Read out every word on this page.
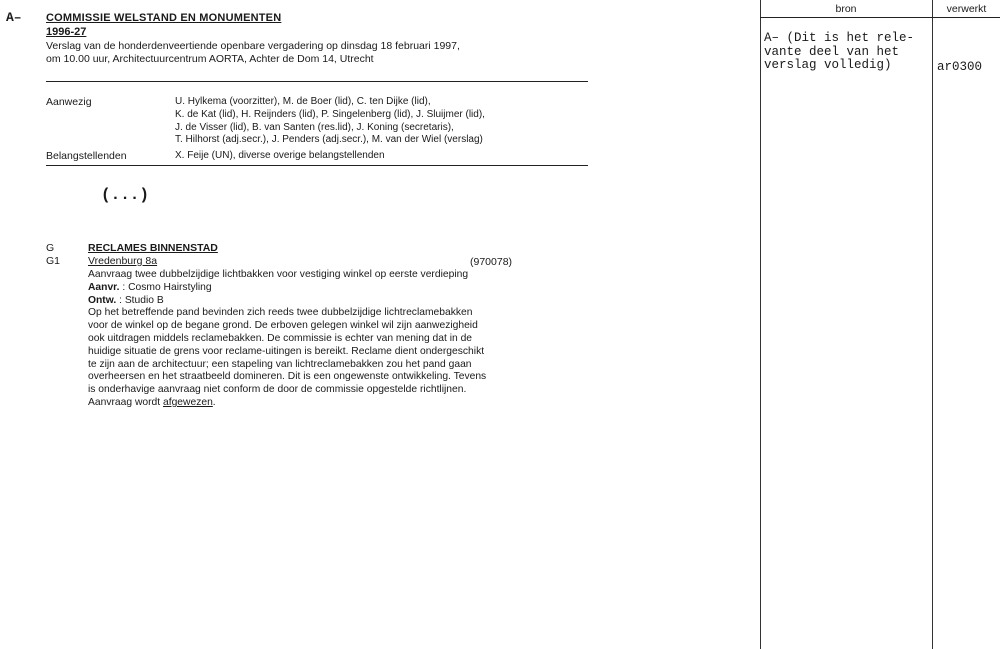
A– COMMISSIE WELSTAND EN MONUMENTEN
1996-27
Verslag van de honderdenveertiende openbare vergadering op dinsdag 18 februari 1997,
om 10.00 uur, Architectuurcentrum AORTA, Achter de Dom 14, Utrecht
Aanwezig	U. Hylkema (voorzitter), M. de Boer (lid), C. ten Dijke (lid),
K. de Kat (lid), H. Reijnders (lid), P. Singelenberg (lid), J. Sluijmer (lid),
J. de Visser (lid), B. van Santen (res.lid), J. Koning (secretaris),
T. Hilhorst (adj.secr.), J. Penders (adj.secr.), M. van der Wiel (verslag)
Belangstellenden	X. Feije (UN), diverse overige belangstellenden
(...)
G	RECLAMES BINNENSTAD
G1	Vredenburg 8a	(970078)
Aanvraag twee dubbelzijdige lichtbakken voor vestiging winkel op eerste verdieping
Aanvr. : Cosmo Hairstyling
Ontw. : Studio B
Op het betreffende pand bevinden zich reeds twee dubbelzijdige lichtreclamebakken
voor de winkel op de begane grond. De erboven gelegen winkel wil zijn aanwezigheid
ook uitdragen middels reclamebakken. De commissie is echter van mening dat in de
huidige situatie de grens voor reclame-uitingen is bereikt. Reclame dient ondergeschikt
te zijn aan de architectuur; een stapeling van lichtreclamebakken zou het pand gaan
overheersen en het straatbeeld domineren. Dit is een ongewenste ontwikkeling. Tevens
is onderhavige aanvraag niet conform de door de commissie opgestelde richtlijnen.
Aanvraag wordt afgewezen.
bron	verwerkt
A– (Dit is het rele-
vante deel van het
verslag volledig)	ar0300
